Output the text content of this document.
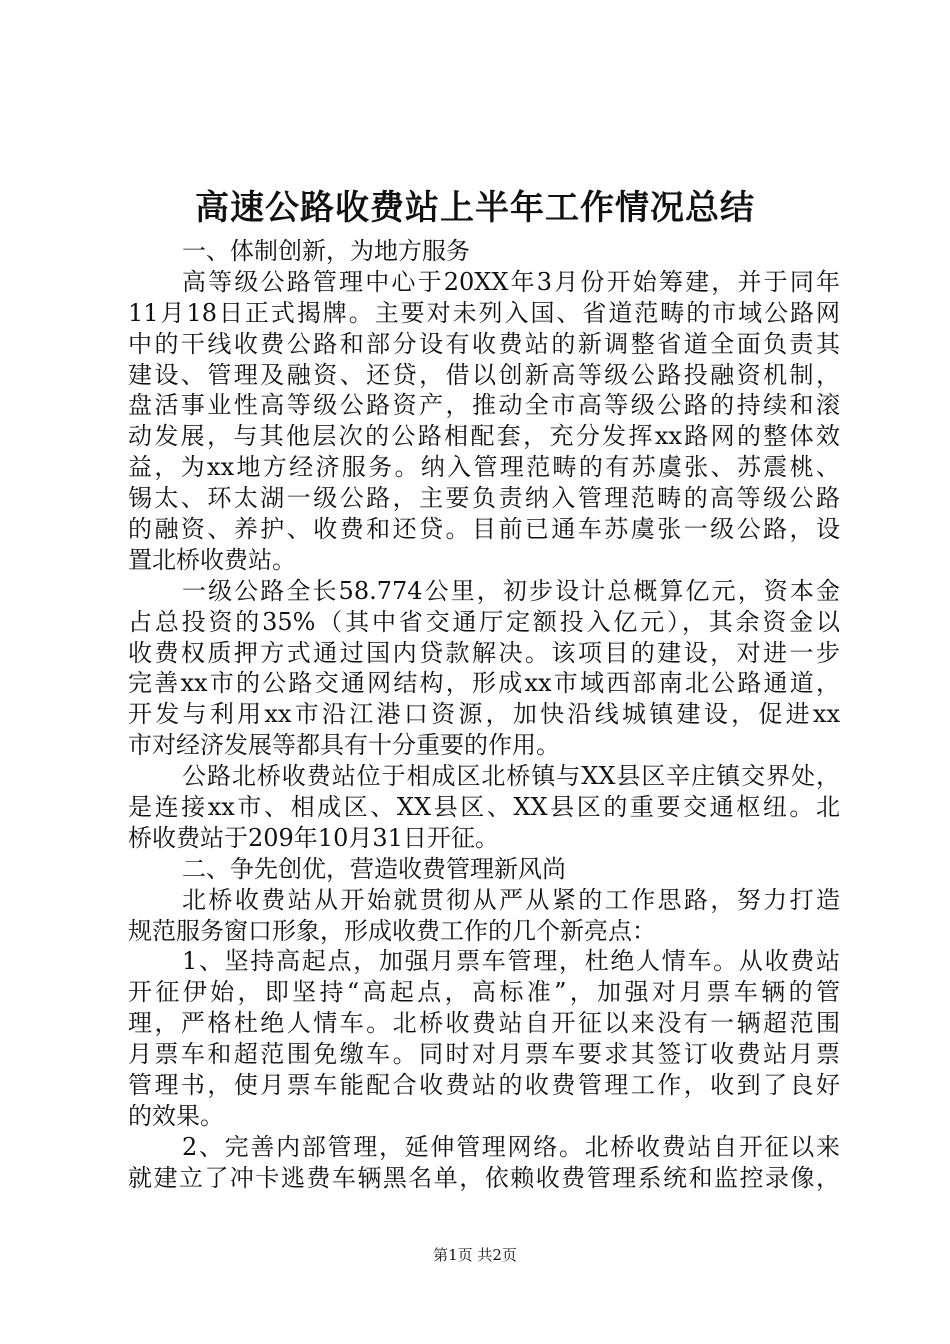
高速公路收费站上半年工作情况总结
一、体制创新，为地方服务
高等级公路管理中心于20XX年3月份开始筹建，并于同年
11月18日正式揭牌。主要对未列入国、省道范畴的市域公路网
中的干线收费公路和部分设有收费站的新调整省道全面负责其
建设、管理及融资、还贷，借以创新高等级公路投融资机制，
盘活事业性高等级公路资产，推动全市高等级公路的持续和滚
动发展，与其他层次的公路相配套，充分发挥xx路网的整体效
益，为xx地方经济服务。纳入管理范畴的有苏虞张、苏震桃、
锡太、环太湖一级公路，主要负责纳入管理范畴的高等级公路
的融资、养护、收费和还贷。目前已通车苏虞张一级公路，设
置北桥收费站。
一级公路全长58.774公里，初步设计总概算亿元，资本金
占总投资的35%（其中省交通厅定额投入亿元），其余资金以
收费权质押方式通过国内贷款解决。该项目的建设，对进一步
完善xx市的公路交通网结构，形成xx市域西部南北公路通道，
开发与利用xx市沿江港口资源，加快沿线城镇建设，促进xx
市对经济发展等都具有十分重要的作用。
公路北桥收费站位于相成区北桥镇与XX县区辛庄镇交界处，
是连接xx市、相成区、XX县区、XX县区的重要交通枢纽。北
桥收费站于209年10月31日开征。
二、争先创优，营造收费管理新风尚
北桥收费站从开始就贯彻从严从紧的工作思路，努力打造
规范服务窗口形象，形成收费工作的几个新亮点：
1、坚持高起点，加强月票车管理，杜绝人情车。从收费站
开征伊始，即坚持“高起点，高标准”，加强对月票车辆的管
理，严格杜绝人情车。北桥收费站自开征以来没有一辆超范围
月票车和超范围免缴车。同时对月票车要求其签订收费站月票
管理书，使月票车能配合收费站的收费管理工作，收到了良好
的效果。
2、完善内部管理，延伸管理网络。北桥收费站自开征以来
就建立了冲卡逃费车辆黑名单，依赖收费管理系统和监控录像，
第1页 共2页
